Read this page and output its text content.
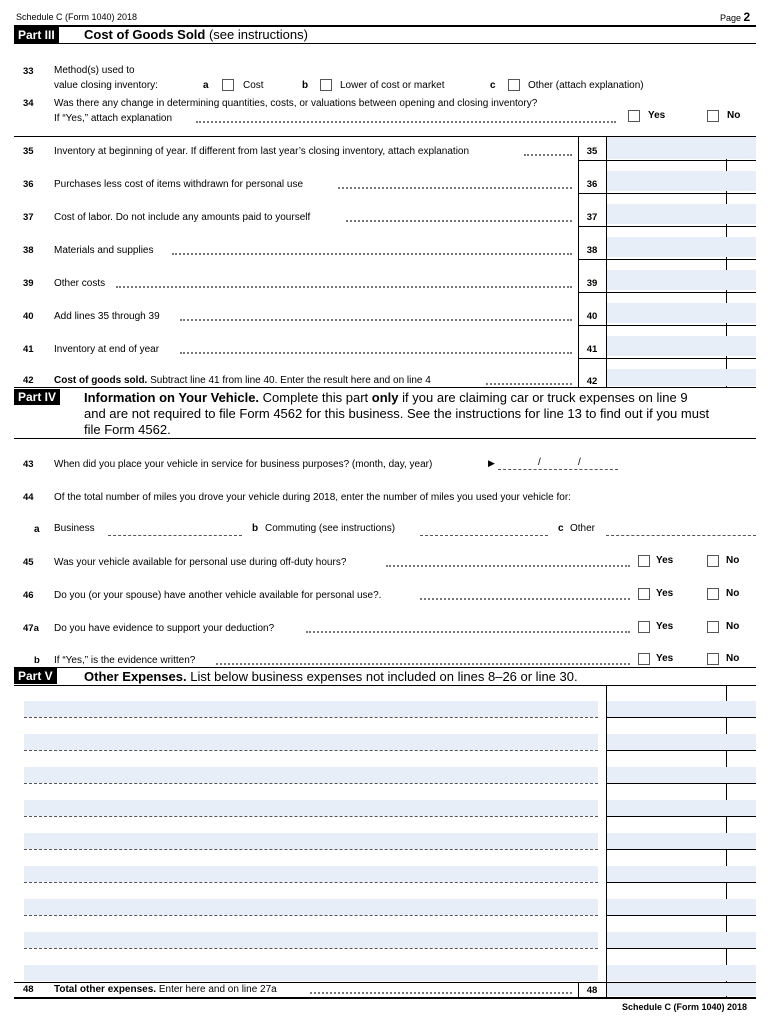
Schedule C (Form 1040) 2018	Page 2
Part III	Cost of Goods Sold (see instructions)
33 Method(s) used to
value closing inventory:	a	Cost	b	Lower of cost or market	c	Other (attach explanation)
34 Was there any change in determining quantities, costs, or valuations between opening and closing inventory?
If “Yes,” attach explanation	Yes	No
35 Inventory at beginning of year. If different from last year’s closing inventory, attach explanation	35
36 Purchases less cost of items withdrawn for personal use	36
37 Cost of labor. Do not include any amounts paid to yourself	37
38 Materials and supplies	38
39 Other costs	39
40 Add lines 35 through 39	40
41 Inventory at end of year	41
42 Cost of goods sold. Subtract line 41 from line 40. Enter the result here and on line 4	42
Part IV	Information on Your Vehicle. Complete this part only if you are claiming car or truck expenses on line 9
and are not required to file Form 4562 for this business. See the instructions for line 13 to find out if you must
file Form 4562.
43 When did you place your vehicle in service for business purposes? (month, day, year)	▶	/	/
44 Of the total number of miles you drove your vehicle during 2018, enter the number of miles you used your vehicle for:
a Business	b Commuting (see instructions)	c Other
45 Was your vehicle available for personal use during off-duty hours?	Yes	No
46 Do you (or your spouse) have another vehicle available for personal use?.	Yes	No
47a Do you have evidence to support your deduction?	Yes	No
b If “Yes,” is the evidence written?	Yes	No
Part V	Other Expenses. List below business expenses not included on lines 8–26 or line 30.
48 Total other expenses. Enter here and on line 27a	48
Schedule C (Form 1040) 2018
